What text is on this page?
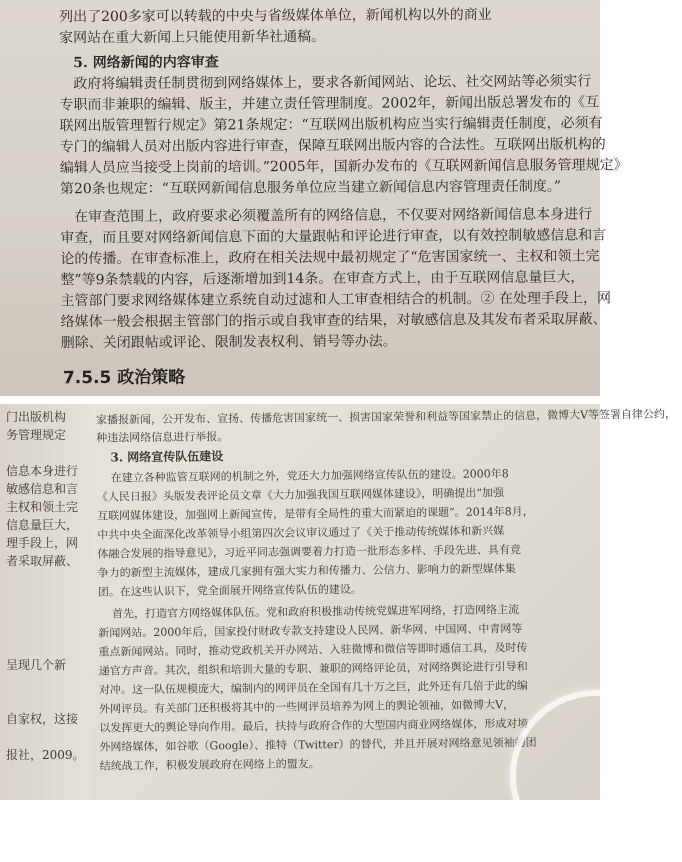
列出了200多家可以转载的中央与省级媒体单位，新闻机构以外的商业
家网站在重大新闻上只能使用新华社通稿。
5. 网络新闻的内容审查
政府将编辑责任制贯彻到网络媒体上，要求各新闻网站、论坛、社交网站等必须实行
专职而非兼职的编辑、版主，并建立责任管理制度。2002年，新闻出版总署发布的《互
联网出版管理暂行规定》第21条规定：“互联网出版机构应当实行编辑责任制度，必须有
专门的编辑人员对出版内容进行审查，保障互联网出版内容的合法性。互联网出版机构的
编辑人员应当接受上岗前的培训。”2005年，国新办发布的《互联网新闻信息服务管理规定》
第20条也规定：“互联网新闻信息服务单位应当建立新闻信息内容管理责任制度。”
在审查范围上，政府要求必须覆盖所有的网络信息，不仅要对网络新闻信息本身进行
审查，而且要对网络新闻信息下面的大量跟帖和评论进行审查，以有效控制敏感信息和言
论的传播。在审查标准上，政府在相关法规中最初规定了“危害国家统一、主权和领土完
整”等9条禁载的内容，后逐渐增加到14条。在审查方式上，由于互联网信息量巨大，
主管部门要求网络媒体建立系统自动过滤和人工审查相结合的机制。② 在处理手段上，网
络媒体一般会根据主管部门的指示或自我审查的结果，对敏感信息及其发布者采取屏蔽、
删除、关闭跟帖或评论、限制发表权利、销号等办法。
7.5.5 政治策略
门出版机构
务管理规定
信息本身进行
敏感信息和言
主权和领土完
信息量巨大，
理手段上，网
者采取屏蔽、
呈现几个新
自家权，这接
报社，2009。
家播报新闻，公开发布、宣扬、传播危害国家统一、损害国家荣誉和利益等国家禁止的信息，微博大V等签署自律公约，
种违法网络信息进行举报。
3. 网络宣传队伍建设
在建立各种监管互联网的机制之外，党还大力加强网络宣传队伍的建设。2000年8
《人民日报》头版发表评论员文章《大力加强我国互联网媒体建设》，明确提出“加强
互联网媒体建设，加强网上新闻宣传，是带有全局性的重大而紧迫的课题”。2014年8月，
中共中央全面深化改革领导小组第四次会议审议通过了《关于推动传统媒体和新兴媒
体融合发展的指导意见》，习近平同志强调要着力打造一批形态多样、手段先进、具有竞
争力的新型主流媒体，建成几家拥有强大实力和传播力、公信力、影响力的新型媒体集
团。在这些认识下，党全面展开网络宣传队伍的建设。
首先，打造官方网络媒体队伍。党和政府积极推动传统党媒进军网络，打造网络主流
新闻网站。2000年后，国家投付财政专款支持建设人民网、新华网、中国网、中青网等
重点新闻网站。同时，推动党政机关开办网站、入驻微博和微信等即时通信工具，及时传
递官方声音。其次，组织和培训大量的专职、兼职的网络评论员，对网络舆论进行引导和
对冲。这一队伍规模庞大，编制内的网评员在全国有几十万之巨，此外还有几倍于此的编
外网评员。有关部门还积极将其中的一些网评员培养为网上的舆论领袖，如微博大V，
以发挥更大的舆论导向作用。最后，扶持与政府合作的大型国内商业网络媒体，形成对境
外网络媒体，如谷歌（Google）、推特（Twitter）的替代，并且开展对网络意见领袖的团
结统战工作，积极发展政府在网络上的盟友。
